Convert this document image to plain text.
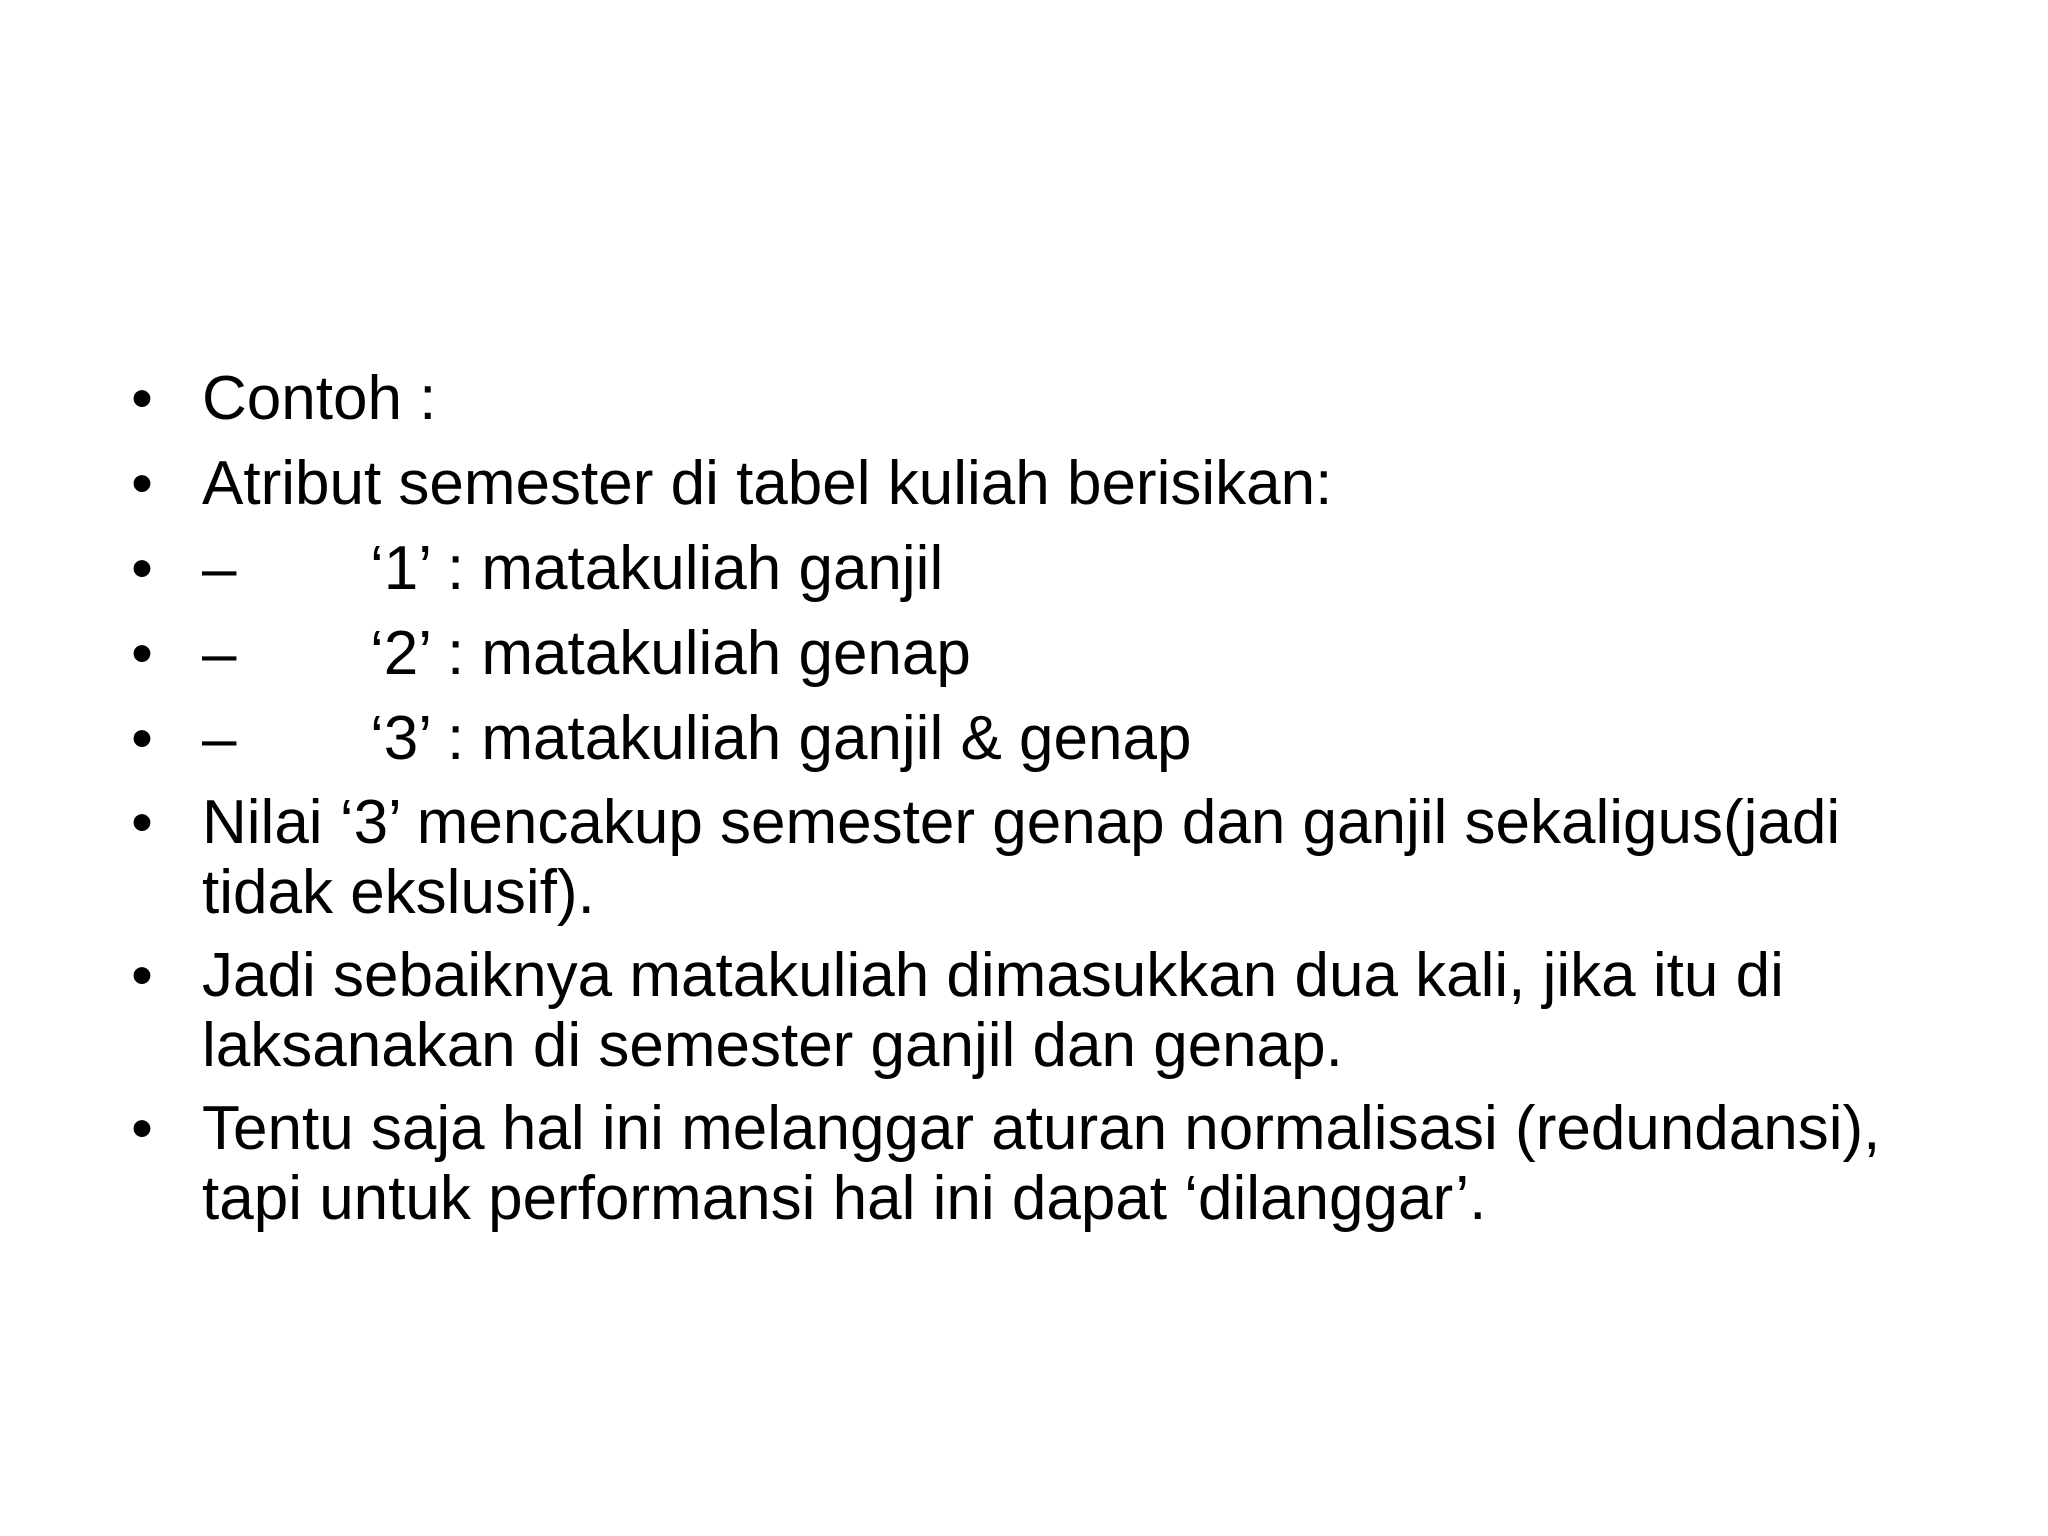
• Contoh :
• Atribut semester di tabel kuliah berisikan:
• – ‘1’ : matakuliah ganjil
• – ‘2’ : matakuliah genap
• – ‘3’ : matakuliah ganjil & genap
• Nilai ‘3’ mencakup semester genap dan ganjil sekaligus(jadi tidak ekslusif).
• Jadi sebaiknya matakuliah dimasukkan dua kali, jika itu di laksanakan di semester ganjil dan genap.
• Tentu saja hal ini melanggar aturan normalisasi (redundansi), tapi untuk performansi hal ini dapat ‘dilanggar’.
